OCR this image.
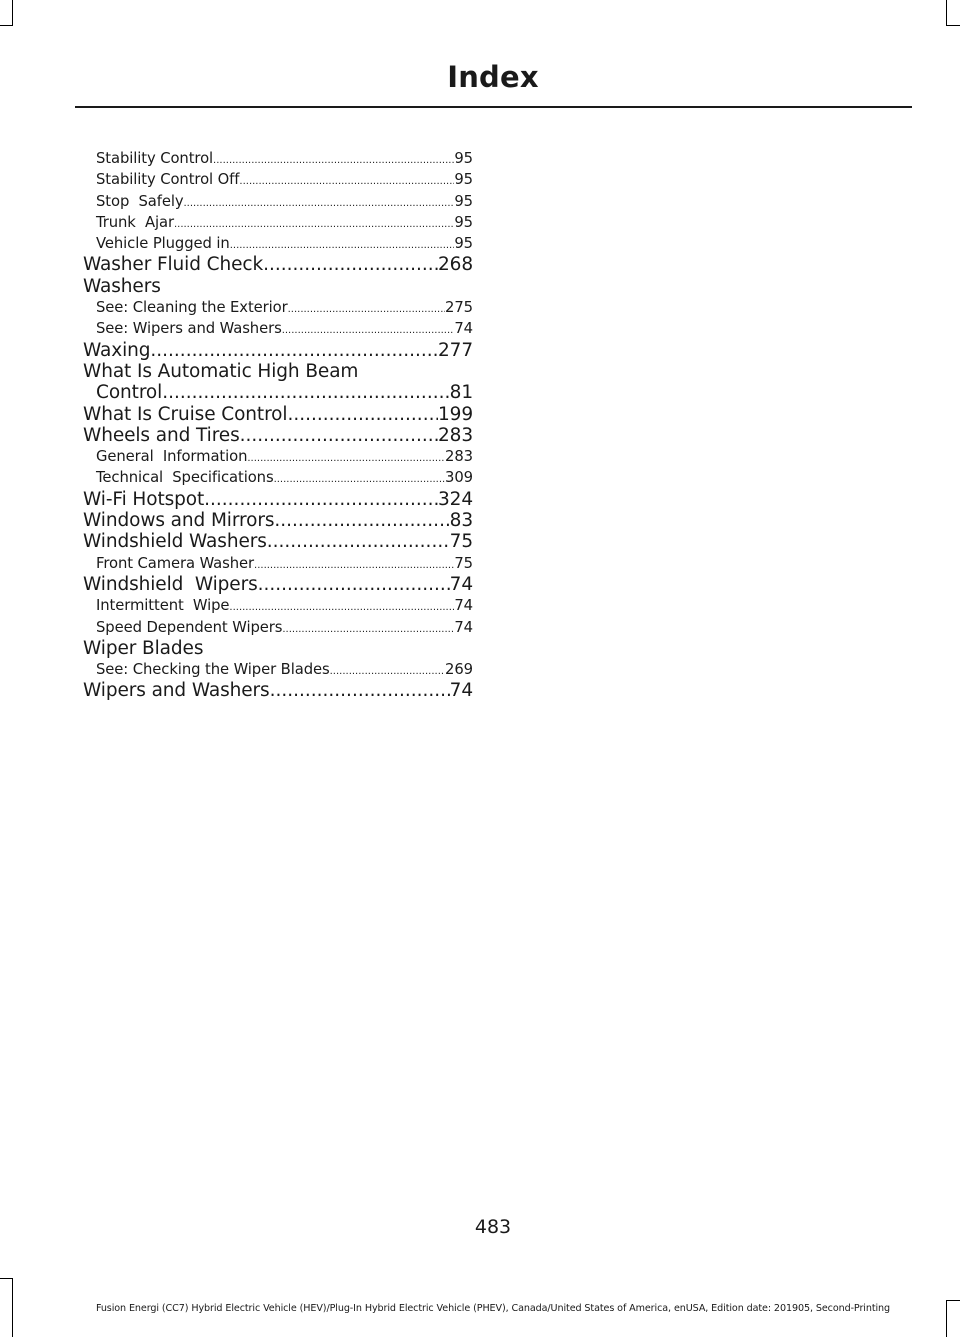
Index
Stability Control .....	95
Stability Control Off .....	95
Stop  Safely .....	95
Trunk  Ajar .....	95
Vehicle Plugged in .....	95
Washer Fluid Check .....	268
Washers
See: Cleaning the Exterior .....	275
See: Wipers and Washers .....	74
Waxing .....	277
What Is Automatic High Beam
Control .....	81
What Is Cruise Control .....	199
Wheels and Tires .....	283
General  Information .....	283
Technical  Specifications .....	309
Wi-Fi Hotspot .....	324
Windows and Mirrors .....	83
Windshield Washers .....	75
Front Camera Washer .....	75
Windshield  Wipers .....	74
Intermittent  Wipe .....	74
Speed Dependent Wipers .....	74
Wiper Blades
See: Checking the Wiper Blades .....	269
Wipers and Washers .....	74
483
Fusion Energi (CC7) Hybrid Electric Vehicle (HEV)/Plug-In Hybrid Electric Vehicle (PHEV), Canada/United States of America, enUSA, Edition date: 201905, Second-Printing
